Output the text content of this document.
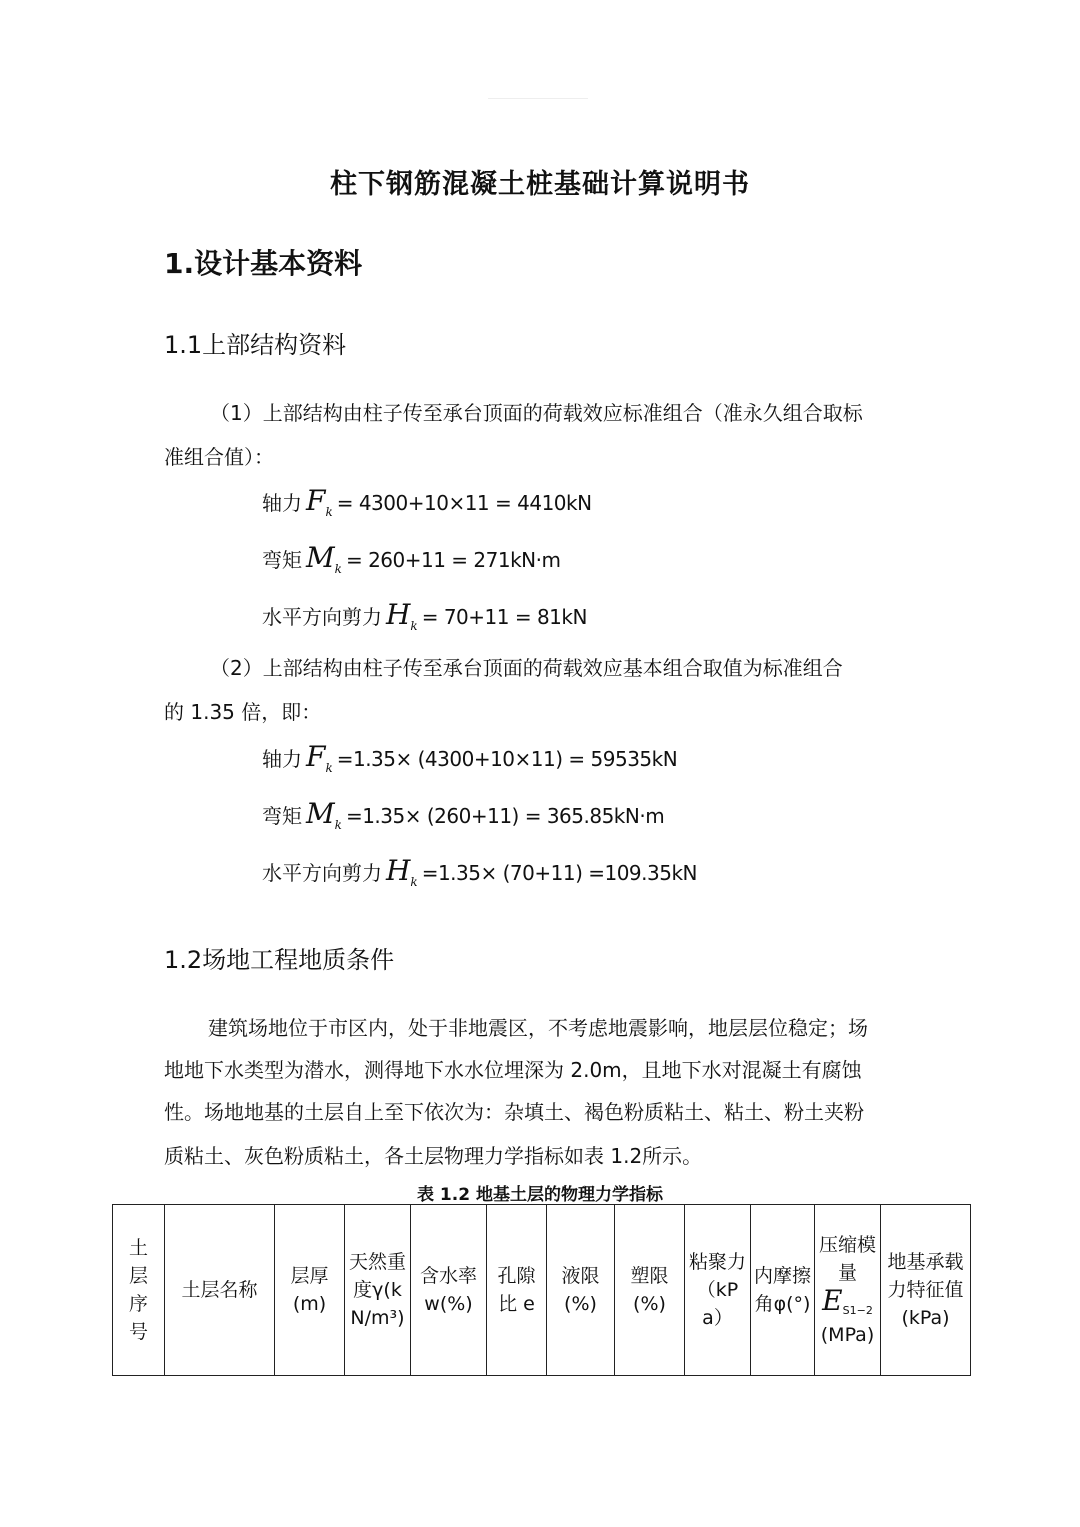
柱下钢筋混凝土桩基础计算说明书
1.设计基本资料
1.1上部结构资料
（1）上部结构由柱子传至承台顶面的荷载效应标准组合（准永久组合取标
准组合值）：
轴力 $F_k = 4300+10\times 11 = 4410kN$
弯矩 $M_k = 260+11 = 271kN\cdot m$
水平方向剪力 $H_k = 70+11 = 81kN$
（2）上部结构由柱子传至承台顶面的荷载效应基本组合取值为标准组合
的 1.35 倍，即：
轴力 $F_k =1.35\times (4300+10\times 11) = 59535kN$
弯矩 $M_k =1.35\times (260+11) = 365.85kN\cdot m$
水平方向剪力 $H_k =1.35\times (70+11) =109.35kN$
1.2场地工程地质条件
建筑场地位于市区内，处于非地震区，不考虑地震影响，地层层位稳定；场
地地下水类型为潜水，测得地下水水位埋深为 2.0m，且地下水对混凝土有腐蚀
性。场地地基的土层自上至下依次为：杂填土、褐色粉质粘土、粘土、粉土夹粉
质粘土、灰色粉质粘土，各土层物理力学指标如表 1.2所示。
表 1.2 地基土层的物理力学指标
土层序号	土层名称	层厚(m)	天然重度γ(kN/m³)	含水率w(%)	孔隙比 e	液限(%)	塑限(%)	粘聚力（kPa）	内摩擦角φ(°)	压缩模量
$E_{S1-2}$
(MPa)	地基承载力特征值(kPa)
